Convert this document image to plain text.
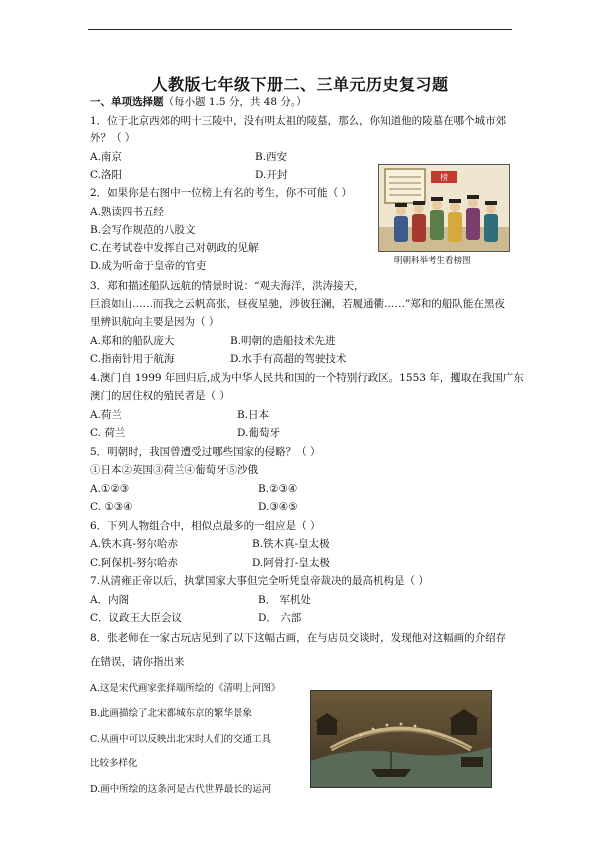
人教版七年级下册二、三单元历史复习题
一、单项选择题（每小题 1.5 分，共 48 分。）
1．位于北京西郊的明十三陵中，没有明太祖的陵墓，那么，你知道他的陵墓在哪个城市郊
外？（ ）
A.南京	B.西安
C.洛阳	D.开封
2．如果你是右图中一位榜上有名的考生，你不可能（ ）
A.熟读四书五经
B.会写作规范的八股文
C.在考试卷中发挥自己对朝政的见解
D.成为听命于皇帝的官吏
榜
明朝科举考生看榜图
3．郑和描述船队远航的情景时说：“观夫海洋，洪涛接天，
巨浪如山……而我之云帆高张，昼夜星驰，涉彼狂澜，若履通衢……”郑和的船队能在黑夜
里辨识航向主要是因为（ ）
A.郑和的船队庞大	B.明朝的造船技术先进
C.指南针用于航海	D.水手有高超的驾驶技术
4.澳门自 1999 年回归后,成为中华人民共和国的一个特别行政区。1553 年，攫取在我国广东
澳门的居住权的殖民者是（ ）
A.荷兰	B.日本
C. 荷兰	D.葡萄牙
5．明朝时，我国曾遭受过哪些国家的侵略？（ ）
①日本②英国③荷兰④葡萄牙⑤沙俄
A.①②③	B.②③④
C. ①③④	D.③④⑤
6．下列人物组合中，相似点最多的一组应是（ ）
A.铁木真-努尔哈赤	B.铁木真-皇太极
C.阿保机-努尔哈赤	D.阿骨打-皇太极
7.从清雍正帝以后，执掌国家大事但完全听凭皇帝裁决的最高机构是（ ）
A．内阁	B． 军机处
C．议政王大臣会议	D． 六部
8．张老师在一家古玩店见到了以下这幅古画，在与店员交谈时，发现他对这幅画的介绍存
在错误，请你指出来
A.这是宋代画家张择端所绘的《清明上河图》
B.此画描绘了北宋都城东京的繁华景象
C.从画中可以反映出北宋时人们的交通工具
比较多样化
D.画中所绘的这条河是古代世界最长的运河
